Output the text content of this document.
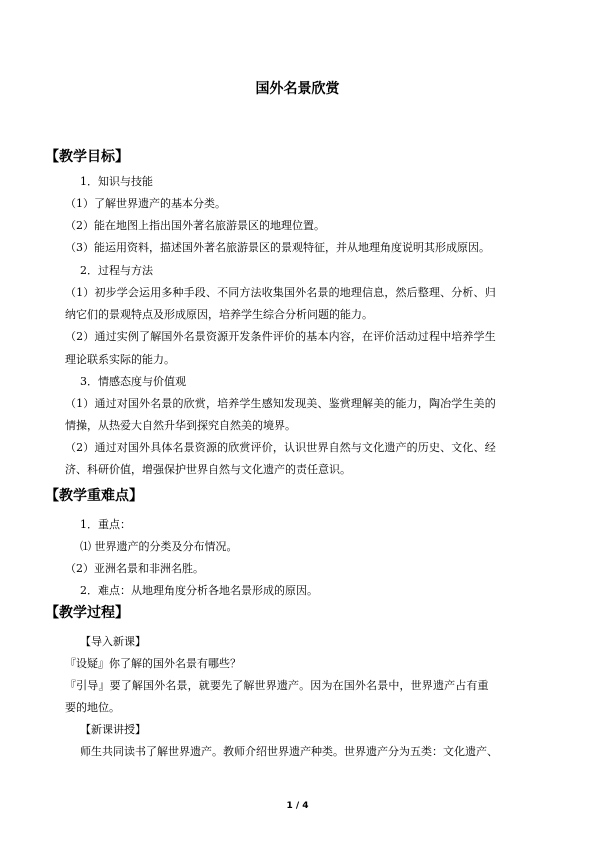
国外名景欣赏
【教学目标】
1．知识与技能
（1）了解世界遗产的基本分类。
（2）能在地图上指出国外著名旅游景区的地理位置。
（3）能运用资料，描述国外著名旅游景区的景观特征，并从地理角度说明其形成原因。
2．过程与方法
（1）初步学会运用多种手段、不同方法收集国外名景的地理信息，然后整理、分析、归
纳它们的景观特点及形成原因，培养学生综合分析问题的能力。
（2）通过实例了解国外名景资源开发条件评价的基本内容，在评价活动过程中培养学生
理论联系实际的能力。
3．情感态度与价值观
（1）通过对国外名景的欣赏，培养学生感知发现美、鉴赏理解美的能力，陶冶学生美的
情操，从热爱大自然升华到探究自然美的境界。
（2）通过对国外具体名景资源的欣赏评价，认识世界自然与文化遗产的历史、文化、经
济、科研价值，增强保护世界自然与文化遗产的责任意识。
【教学重难点】
1．重点：
⑴ 世界遗产的分类及分布情况。
（2）亚洲名景和非洲名胜。
2．难点：从地理角度分析各地名景形成的原因。
【教学过程】
【导入新课】
『设疑』你了解的国外名景有哪些？
『引导』要了解国外名景，就要先了解世界遗产。因为在国外名景中，世界遗产占有重
要的地位。
【新课讲授】
师生共同读书了解世界遗产。教师介绍世界遗产种类。世界遗产分为五类：文化遗产、
1 / 4
